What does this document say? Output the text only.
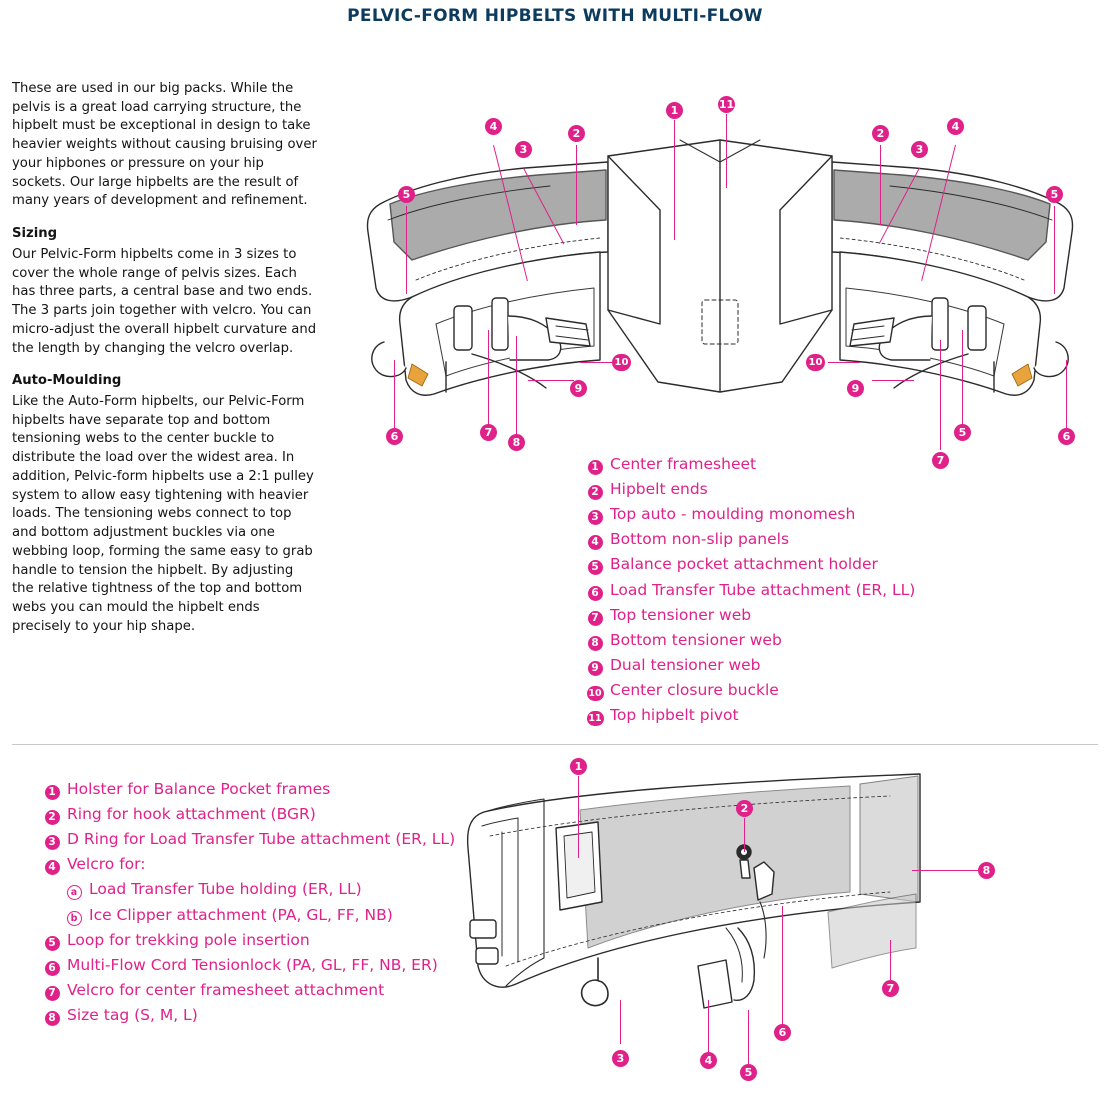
PELVIC-FORM HIPBELTS WITH MULTI-FLOW

These are used in our big packs. While the pelvis is a great load carrying structure, the hipbelt must be exceptional in design to take heavier weights without causing bruising over your hipbones or pressure on your hip sockets. Our large hipbelts are the result of many years of development and refinement.

Sizing

Our Pelvic-Form hipbelts come in 3 sizes to cover the whole range of pelvis sizes. Each has three parts, a central base and two ends. The 3 parts join together with velcro. You can micro-adjust the overall hipbelt curvature and the length by changing the velcro overlap.

Auto-Moulding

Like the Auto-Form hipbelts, our Pelvic-Form hipbelts have separate top and bottom tensioning webs to the center buckle to distribute the load over the widest area. In addition, Pelvic-form hipbelts use a 2:1 pulley system to allow easy tightening with heavier loads. The tensioning webs connect to top and bottom adjustment buckles via one webbing loop, forming the same easy to grab handle to tension the hipbelt. By adjusting the relative tightness of the top and bottom webs you can mould the hipbelt ends precisely to your hip shape.

11
1
2
3
4
5
6	7
8
9
10
2
3
4
5
6
7
5
10
9
1 Center framesheet
2 Hipbelt ends
3 Top auto - moulding monomesh
4 Bottom non-slip panels
5 Balance pocket attachment holder
6 Load Transfer Tube attachment (ER, LL)
7 Top tensioner web
8 Bottom tensioner web
9 Dual tensioner web
10 Center closure buckle
11 Top hipbelt pivot
1 Holster for Balance Pocket frames
2 Ring for hook attachment (BGR)
3 D Ring for Load Transfer Tube attachment (ER, LL)
4 Velcro for:
a Load Transfer Tube holding (ER, LL)
b Ice Clipper attachment (PA, GL, FF, NB)
5 Loop for trekking pole insertion
6 Multi-Flow Cord Tensionlock (PA, GL, FF, NB, ER)
7 Velcro for center framesheet attachment
8 Size tag (S, M, L)
1
2
3	4
5
6
7
8
